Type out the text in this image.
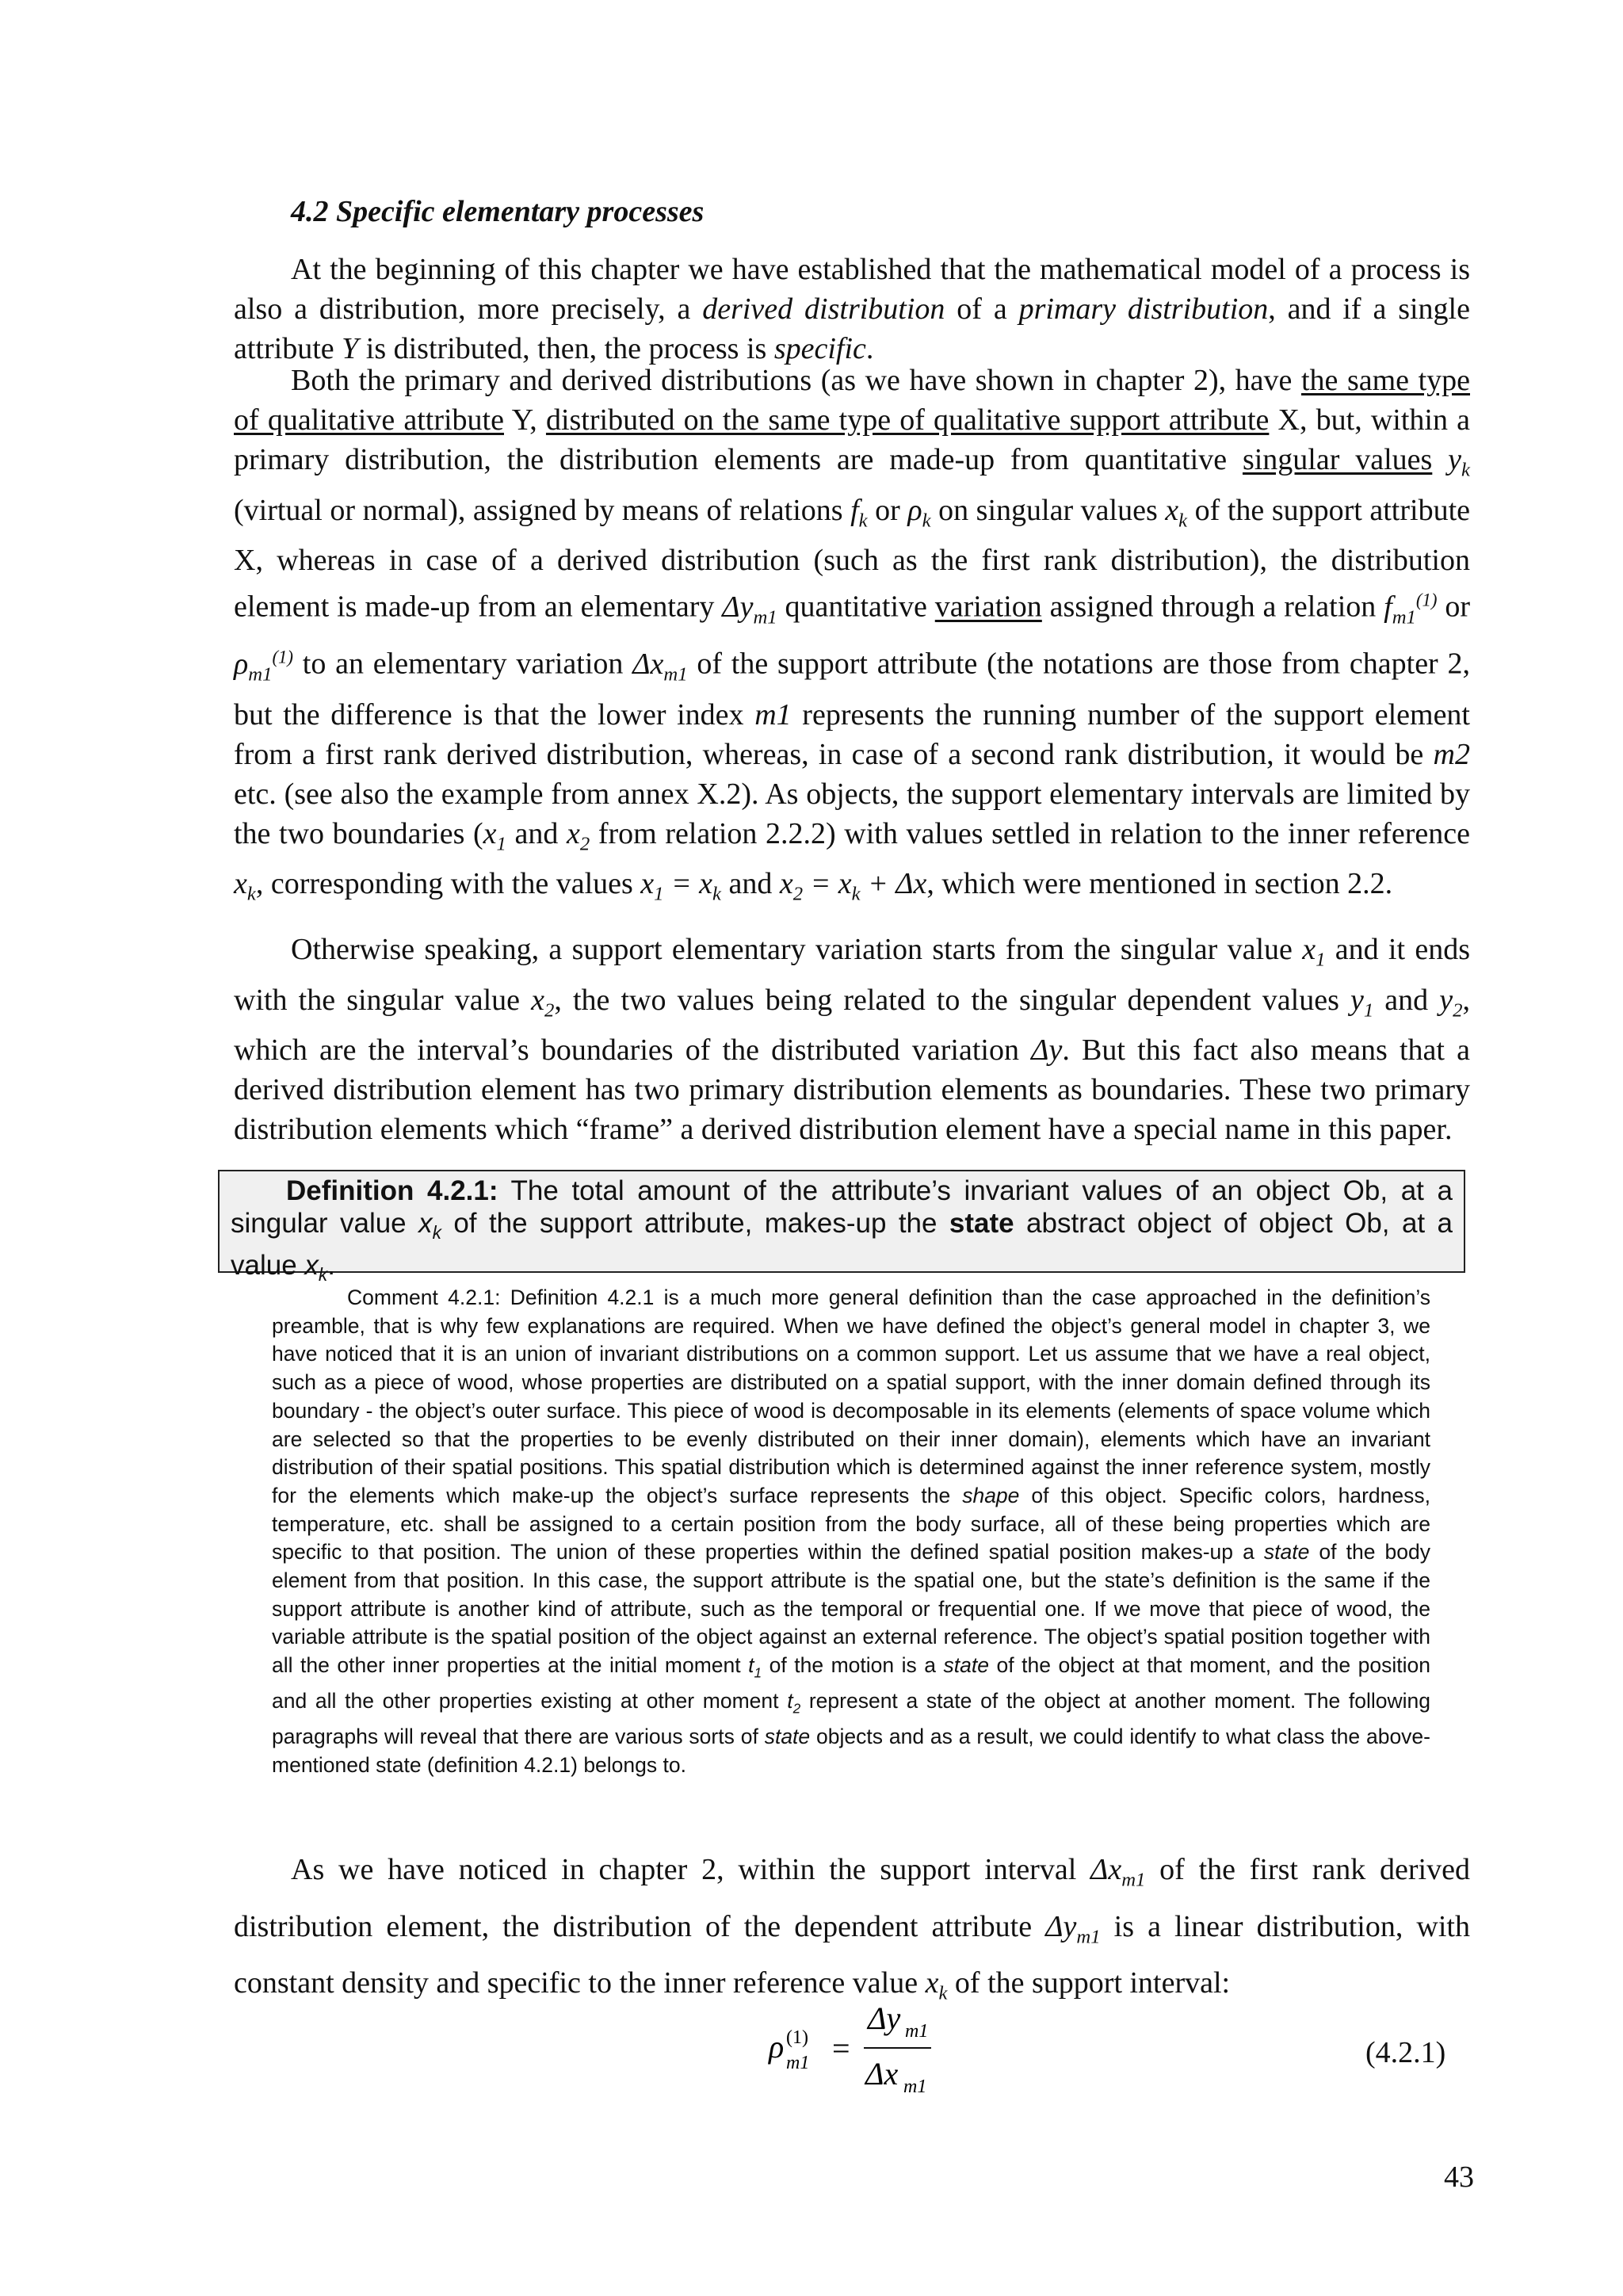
4.2 Specific elementary processes

At the beginning of this chapter we have established that the mathematical model of a process is also a distribution, more precisely, a derived distribution of a primary distribution, and if a single attribute Y is distributed, then, the process is specific.

Both the primary and derived distributions (as we have shown in chapter 2), have the same type of qualitative attribute Y, distributed on the same type of qualitative support attribute X, but, within a primary distribution, the distribution elements are made-up from quantitative singular values $y_k$ (virtual or normal), assigned by means of relations $f_k$ or $\rho_k$ on singular values $x_k$ of the support attribute X, whereas in case of a derived distribution (such as the first rank distribution), the distribution element is made-up from an elementary $\Delta y_{m1}$ quantitative variation assigned through a relation $f_{m1}^{(1)}$ or $\rho_{m1}^{(1)}$ to an elementary variation $\Delta x_{m1}$ of the support attribute (the notations are those from chapter 2, but the difference is that the lower index m1 represents the running number of the support element from a first rank derived distribution, whereas, in case of a second rank distribution, it would be m2 etc. (see also the example from annex X.2). As objects, the support elementary intervals are limited by the two boundaries ($x_1$ and $x_2$ from relation 2.2.2) with values settled in relation to the inner reference $x_k$, corresponding with the values $x_1 = x_k$ and $x_2 = x_k + \Delta x$, which were mentioned in section 2.2.

Otherwise speaking, a support elementary variation starts from the singular value $x_1$ and it ends with the singular value $x_2$, the two values being related to the singular dependent values $y_1$ and $y_2$, which are the interval’s boundaries of the distributed variation Δy. But this fact also means that a derived distribution element has two primary distribution elements as boundaries. These two primary distribution elements which “frame” a derived distribution element have a special name in this paper.

Definition 4.2.1: The total amount of the attribute’s invariant values of an object Ob, at a singular value $x_k$ of the support attribute, makes-up the state abstract object of object Ob, at a value $x_k$.

Comment 4.2.1: Definition 4.2.1 is a much more general definition than the case approached in the definition’s preamble, that is why few explanations are required. When we have defined the object’s general model in chapter 3, we have noticed that it is an union of invariant distributions on a common support. Let us assume that we have a real object, such as a piece of wood, whose properties are distributed on a spatial support, with the inner domain defined through its boundary - the object’s outer surface. This piece of wood is decomposable in its elements (elements of space volume which are selected so that the properties to be evenly distributed on their inner domain), elements which have an invariant distribution of their spatial positions. This spatial distribution which is determined against the inner reference system, mostly for the elements which make-up the object’s surface represents the shape of this object. Specific colors, hardness, temperature, etc. shall be assigned to a certain position from the body surface, all of these being properties which are specific to that position. The union of these properties within the defined spatial position makes-up a state of the body element from that position. In this case, the support attribute is the spatial one, but the state’s definition is the same if the support attribute is another kind of attribute, such as the temporal or frequential one. If we move that piece of wood, the variable attribute is the spatial position of the object against an external reference. The object’s spatial position together with all the other inner properties at the initial moment $t_1$ of the motion is a state of the object at that moment, and the position and all the other properties existing at other moment $t_2$ represent a state of the object at another moment. The following paragraphs will reveal that there are various sorts of state objects and as a result, we could identify to what class the above-mentioned state (definition 4.2.1) belongs to.

As we have noticed in chapter 2, within the support interval $\Delta x_{m1}$ of the first rank derived distribution element, the distribution of the dependent attribute $\Delta y_{m1}$ is a linear distribution, with constant density and specific to the inner reference value $x_k$ of the support interval:

ρ (1)
m1 =
Δy m1
Δx m1
(4.2.1)
43
